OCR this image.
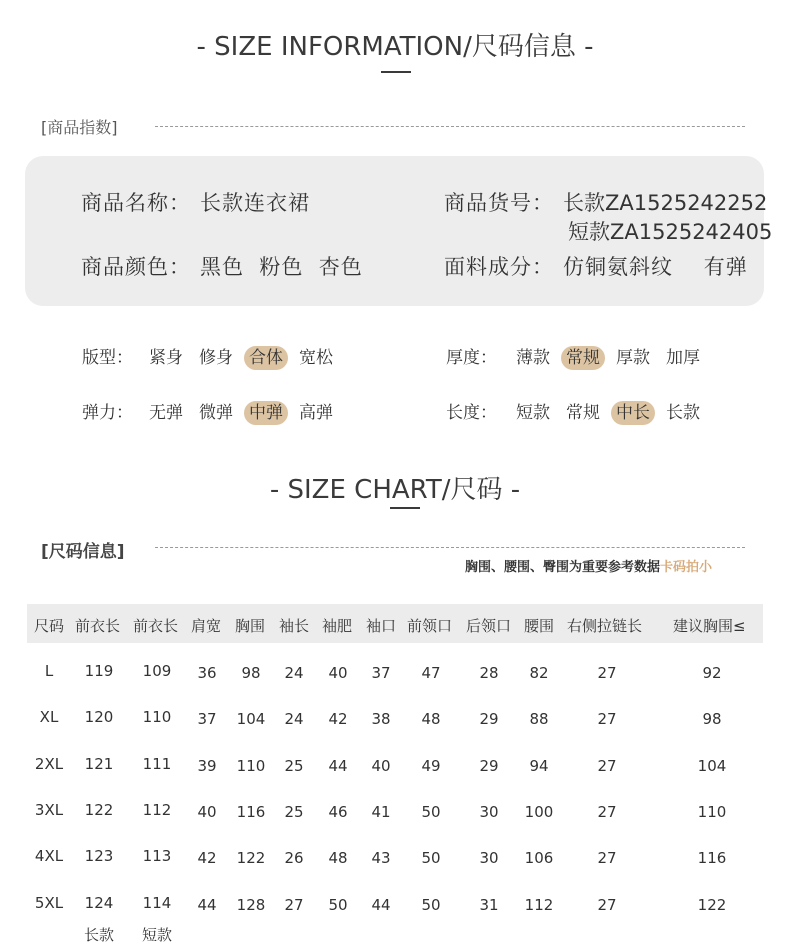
- SIZE INFORMATION/尺码信息 -
[商品指数]
商品名称： 长款连衣裙	商品货号： 长款ZA1525242252
短款ZA1525242405
商品颜色： 黑色  粉色  杏色	面料成分： 仿铜氨斜纹    有弹
版型： 紧身 修身 合体 宽松	厚度： 薄款 常规 厚款 加厚
弹力： 无弹 微弹 中弹 高弹	长度： 短款 常规 中长 长款
- SIZE CHART/尺码 -
[尺码信息]
胸围、腰围、臀围为重要参考数据卡码拍小
尺码 前衣长 前衣长 肩宽 胸围 袖长 袖肥 袖口 前领口 后领口 腰围 右侧拉链长 建议胸围≤
L	119	109	36	98	24	40	37	47	28	82	27	92
XL	120	110	37	104	24	42	38	48	29	88	27	98
2XL	121	111	39	110	25	44	40	49	29	94	27	104
3XL	122	112	40	116	25	46	41	50	30	100	27	110
4XL	123	113	42	122	26	48	43	50	30	106	27	116
5XL	124	114	44	128	27	50	44	50	31	112	27	122
长款	短款
